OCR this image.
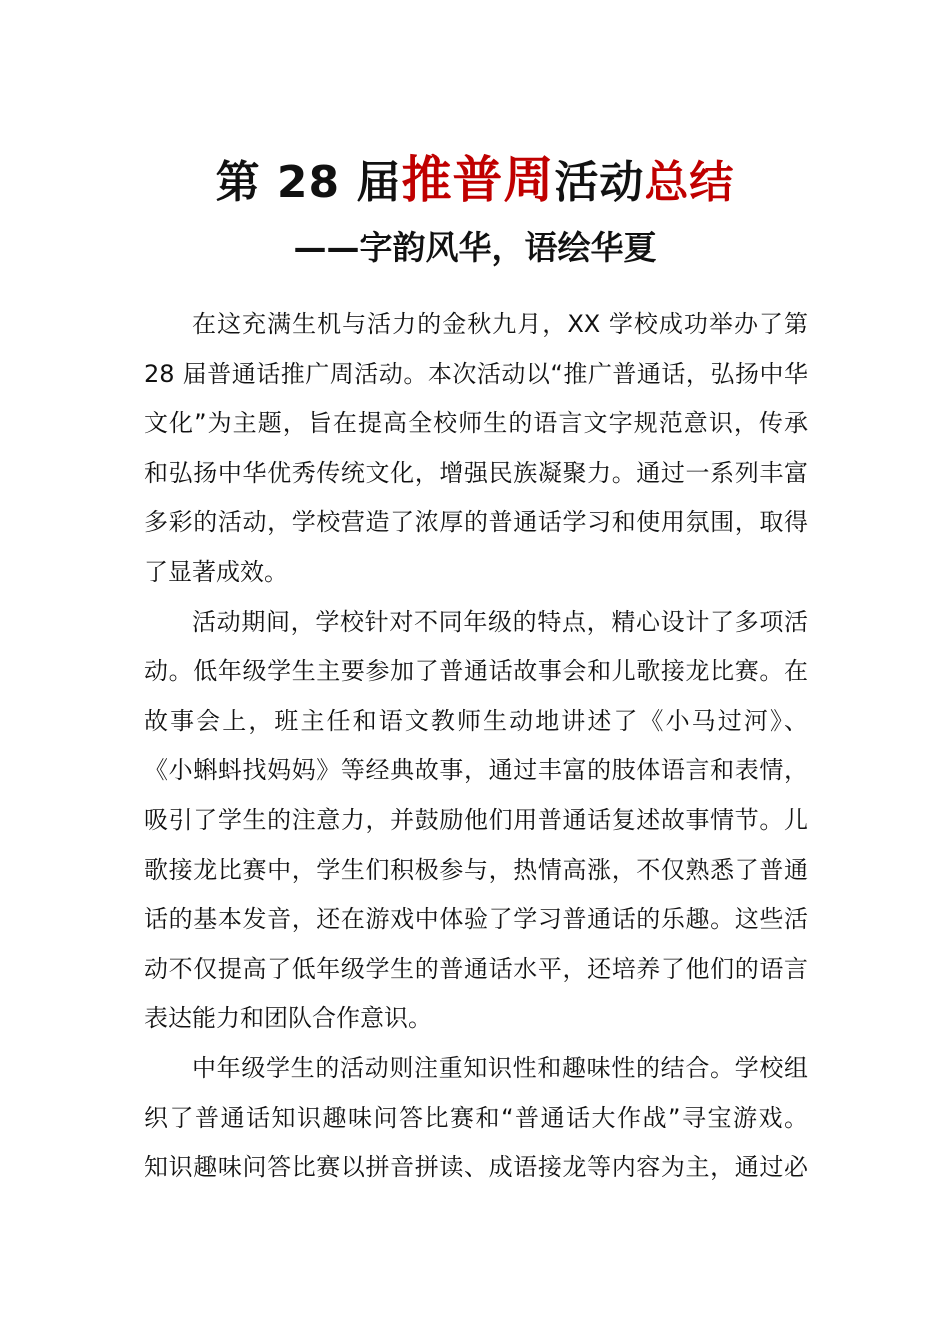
第 28 届推普周活动总结
——字韵风华，语绘华夏
在这充满生机与活力的金秋九月，XX 学校成功举办了第
28 届普通话推广周活动。本次活动以“推广普通话，弘扬中华
文化”为主题，旨在提高全校师生的语言文字规范意识，传承
和弘扬中华优秀传统文化，增强民族凝聚力。通过一系列丰富
多彩的活动，学校营造了浓厚的普通话学习和使用氛围，取得
了显著成效。
活动期间，学校针对不同年级的特点，精心设计了多项活
动。低年级学生主要参加了普通话故事会和儿歌接龙比赛。在
故事会上，班主任和语文教师生动地讲述了《小马过河》、
《小蝌蚪找妈妈》等经典故事，通过丰富的肢体语言和表情，
吸引了学生的注意力，并鼓励他们用普通话复述故事情节。儿
歌接龙比赛中，学生们积极参与，热情高涨，不仅熟悉了普通
话的基本发音，还在游戏中体验了学习普通话的乐趣。这些活
动不仅提高了低年级学生的普通话水平，还培养了他们的语言
表达能力和团队合作意识。
中年级学生的活动则注重知识性和趣味性的结合。学校组
织了普通话知识趣味问答比赛和“普通话大作战”寻宝游戏。
知识趣味问答比赛以拼音拼读、成语接龙等内容为主，通过必
